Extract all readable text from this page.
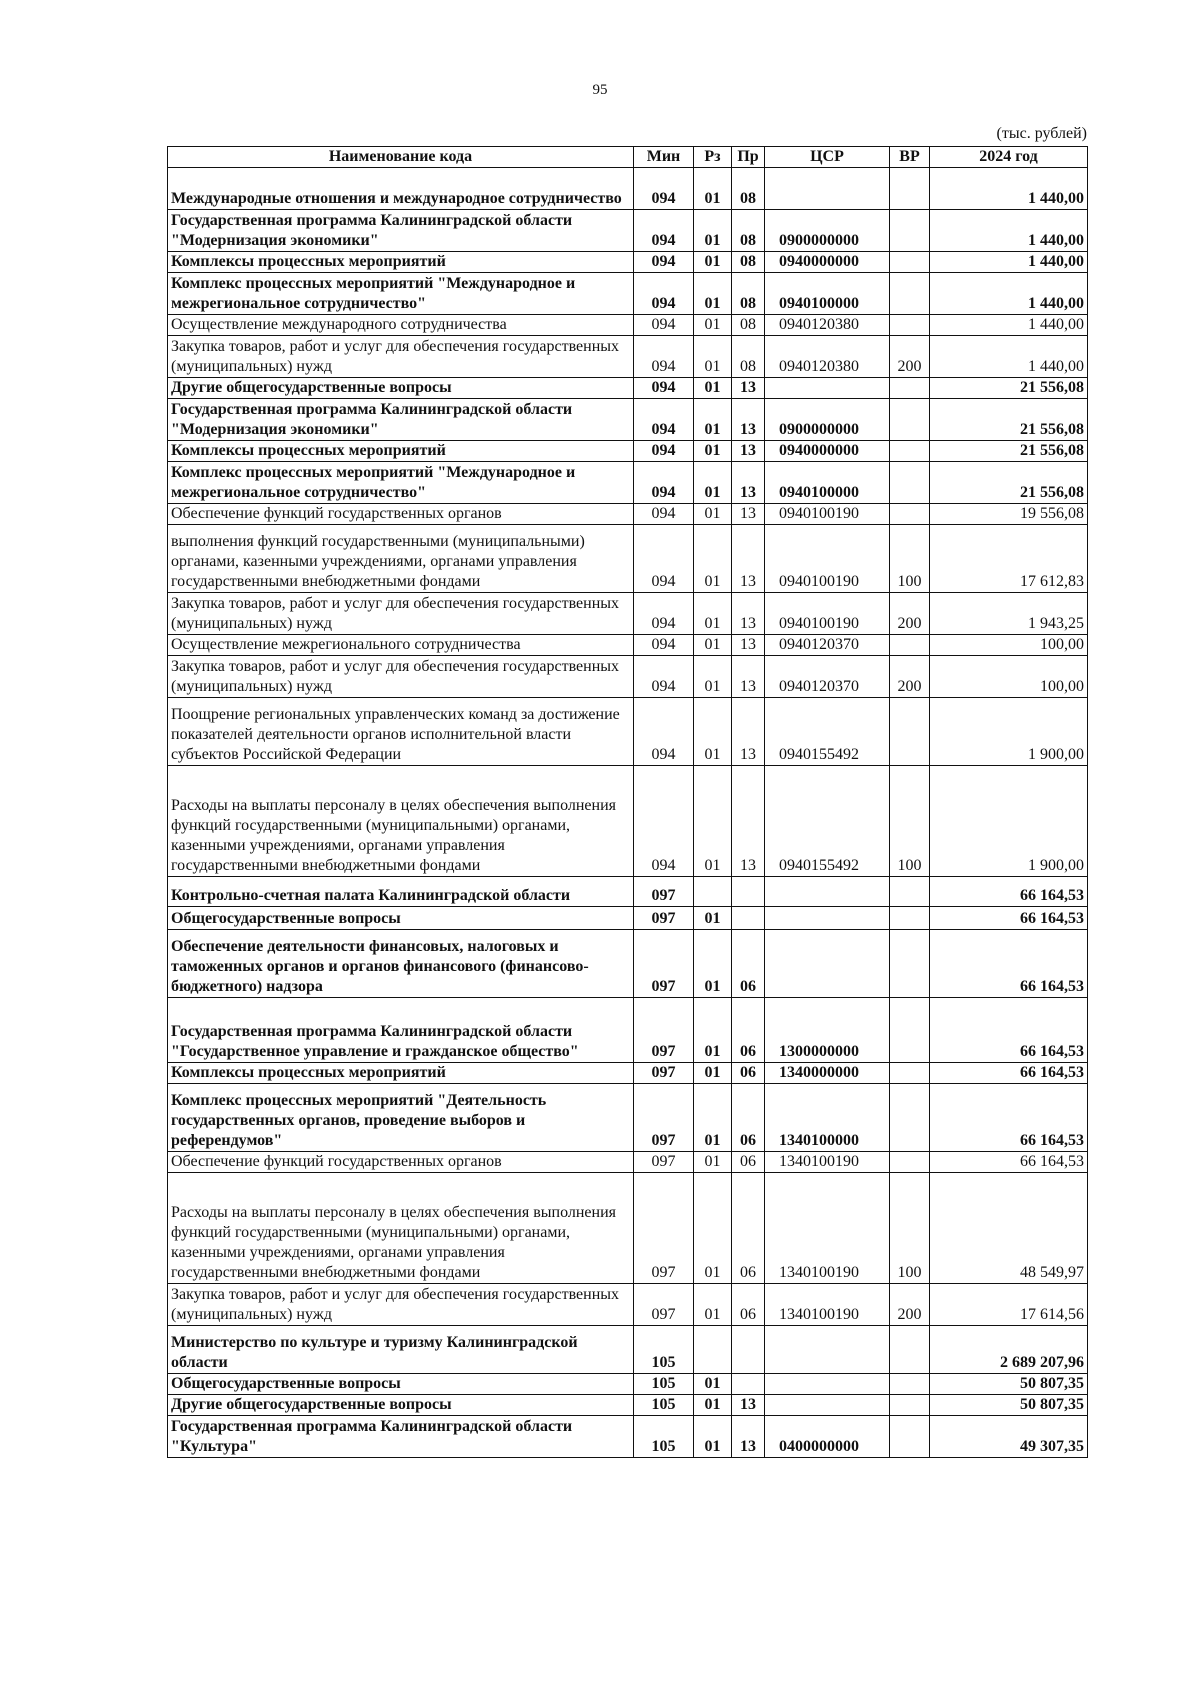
95
(тыс. рублей)
Наименование кода	Мин	Рз	Пр	ЦСР	ВР	2024 год
Международные отношения и международное сотрудничество	094	01	08			1 440,00
Государственная программа Калининградской области "Модернизация экономики"	094	01	08	0900000000		1 440,00
Комплексы процессных мероприятий	094	01	08	0940000000		1 440,00
Комплекс процессных мероприятий "Международное и межрегиональное сотрудничество"	094	01	08	0940100000		1 440,00
Осуществление международного сотрудничества	094	01	08	0940120380		1 440,00
Закупка товаров, работ и услуг для обеспечения государственных (муниципальных) нужд	094	01	08	0940120380	200	1 440,00
Другие общегосударственные вопросы	094	01	13			21 556,08
Государственная программа Калининградской области "Модернизация экономики"	094	01	13	0900000000		21 556,08
Комплексы процессных мероприятий	094	01	13	0940000000		21 556,08
Комплекс процессных мероприятий "Международное и межрегиональное сотрудничество"	094	01	13	0940100000		21 556,08
Обеспечение функций государственных органов	094	01	13	0940100190		19 556,08
выполнения функций государственными (муниципальными) органами, казенными учреждениями, органами управления государственными внебюджетными фондами	094	01	13	0940100190	100	17 612,83
Закупка товаров, работ и услуг для обеспечения государственных (муниципальных) нужд	094	01	13	0940100190	200	1 943,25
Осуществление межрегионального сотрудничества	094	01	13	0940120370		100,00
Закупка товаров, работ и услуг для обеспечения государственных (муниципальных) нужд	094	01	13	0940120370	200	100,00
Поощрение региональных управленческих команд за достижение показателей деятельности органов исполнительной власти субъектов Российской Федерации	094	01	13	0940155492		1 900,00
Расходы на выплаты персоналу в целях обеспечения выполнения функций государственными (муниципальными) органами, казенными учреждениями, органами управления государственными внебюджетными фондами	094	01	13	0940155492	100	1 900,00
Контрольно-счетная палата Калининградской области	097					66 164,53
Общегосударственные вопросы	097	01				66 164,53
Обеспечение деятельности финансовых, налоговых и таможенных органов и органов финансового (финансово-бюджетного) надзора	097	01	06			66 164,53
Государственная программа Калининградской области "Государственное управление и гражданское общество"	097	01	06	1300000000		66 164,53
Комплексы процессных мероприятий	097	01	06	1340000000		66 164,53
Комплекс процессных мероприятий "Деятельность государственных органов, проведение выборов и референдумов"	097	01	06	1340100000		66 164,53
Обеспечение функций государственных органов	097	01	06	1340100190		66 164,53
Расходы на выплаты персоналу в целях обеспечения выполнения функций государственными (муниципальными) органами, казенными учреждениями, органами управления государственными внебюджетными фондами	097	01	06	1340100190	100	48 549,97
Закупка товаров, работ и услуг для обеспечения государственных (муниципальных) нужд	097	01	06	1340100190	200	17 614,56
Министерство по культуре и туризму Калининградской области	105					2 689 207,96
Общегосударственные вопросы	105	01				50 807,35
Другие общегосударственные вопросы	105	01	13			50 807,35
Государственная программа Калининградской области "Культура"	105	01	13	0400000000		49 307,35
